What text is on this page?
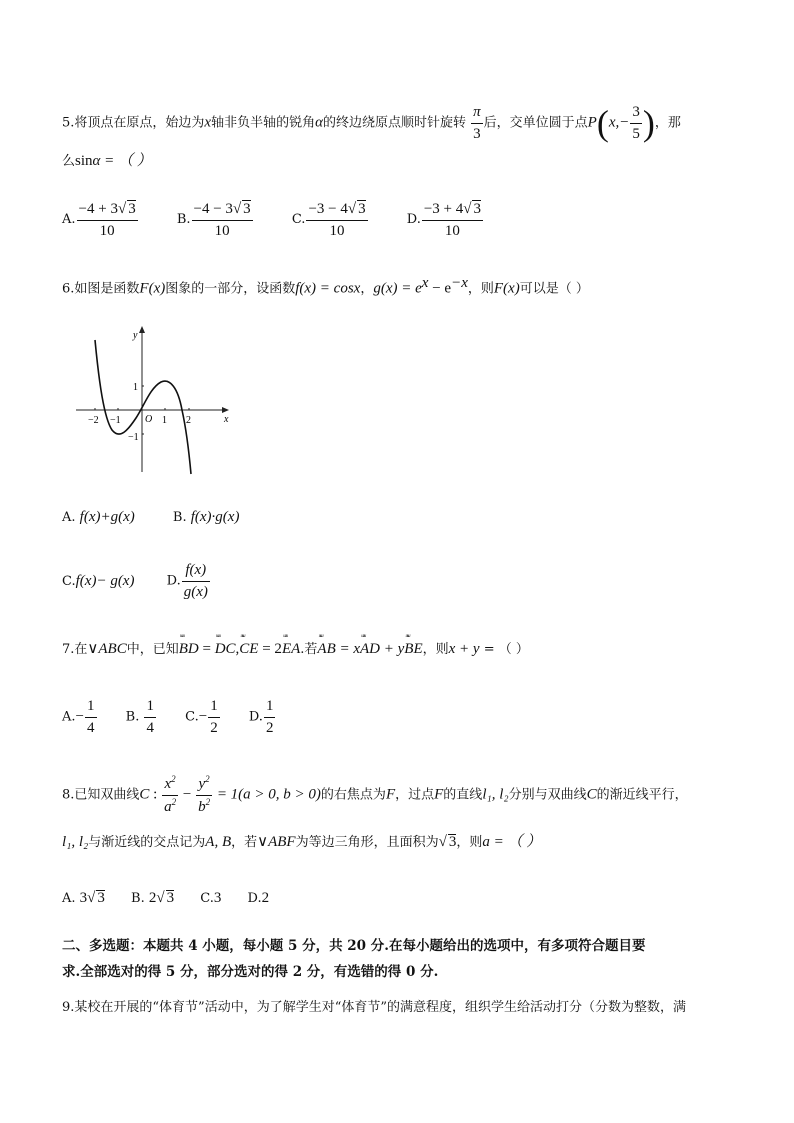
5.将顶点在原点，始边为x轴非负半轴的锐角α的终边绕原点顺时针旋转 $\frac{\pi}{3}$ 后，交单位圆于点$P(x,- \frac{3}{5}$ )，那
么sinα = （ ）
A. $\frac{-4 + 3√ 3}{10}$	B. $\frac{-4 - 3√ 3}{10}$	C. $\frac{-3 - 4√ 3}{10}$	D. $\frac{-3 + 4√ 3}{10}$
6.如图是函数F(x)图象的一部分，设函数f(x) = cosx，$g(x) = e^x - e^{-x}$，则F(x)可以是（ ）
y
x
O
−2 −1	1 2
1
−1
A. f(x)+g(x)	B. f(x)·g(x)
C.f(x)− g(x) D. $\frac{f(x)}{g(x)}$
7.在∨ABC中，已知ᵚᵚ BD = ᵚᵚ DC,ᵚᵚ CE = 2ᵚᵚ EA.若ᵚᵚ AB = xᵚᵚ AD + yᵚᵚ BE，则x + y = （ ）
$A.- \frac{1}{4} B$. $\frac{1}{4} C.- \frac{1}{2} D$. $\frac{1}{2}$
8.已知双曲线C : $\frac{x^2}{a^2} - \frac{y^2}{b^2} = 1(a > 0$, b > 0)的右焦点为F，过点F的直线l₁, l₂分别与双曲线C的渐近线平行，
l₁, l₂与渐近线的交点记为A, B，若∨ABF为等边三角形，且面积为√ 3，则a = （ ）
A. 3√ 3 B. 2√ 3 C.3 D.2
二、多选题：本题共 4 小题，每小题 5 分，共 20 分.在每小题给出的选项中，有多项符合题目要
求.全部选对的得 5 分，部分选对的得 2 分，有选错的得 0 分.
9.某校在开展的“体育节”活动中，为了解学生对“体育节”的满意程度，组织学生给活动打分（分数为整数，满
